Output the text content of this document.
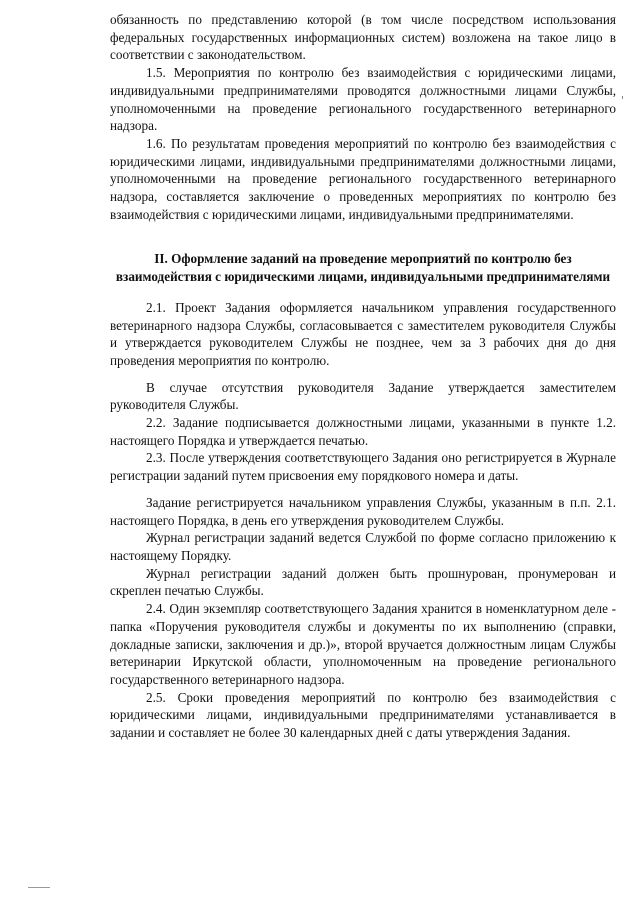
обязанность по представлению которой (в том числе посредством использования федеральных государственных информационных систем) возложена на такое лицо в соответствии с законодательством.

1.5. Мероприятия по контролю без взаимодействия с юридическими лицами, индивидуальными предпринимателями проводятся должностными лицами Службы, уполномоченными на проведение регионального государственного ветеринарного надзора.

1.6. По результатам проведения мероприятий по контролю без взаимодействия с юридическими лицами, индивидуальными предпринимателями должностными лицами, уполномоченными на проведение регионального государственного ветеринарного надзора, составляется заключение о проведенных мероприятиях по контролю без взаимодействия с юридическими лицами, индивидуальными предпринимателями.

II. Оформление заданий на проведение мероприятий по контролю без взаимодействия с юридическими лицами, индивидуальными предпринимателями

2.1. Проект Задания оформляется начальником управления государственного ветеринарного надзора Службы, согласовывается с заместителем руководителя Службы и утверждается руководителем Службы не позднее, чем за 3 рабочих дня до дня проведения мероприятия по контролю.

В случае отсутствия руководителя Задание утверждается заместителем руководителя Службы.

2.2. Задание подписывается должностными лицами, указанными в пункте 1.2. настоящего Порядка и утверждается печатью.

2.3. После утверждения соответствующего Задания оно регистрируется в Журнале регистрации заданий путем присвоения ему порядкового номера и даты.

Задание регистрируется начальником управления Службы, указанным в п.п. 2.1. настоящего Порядка, в день его утверждения руководителем Службы.

Журнал регистрации заданий ведется Службой по форме согласно приложению к настоящему Порядку.

Журнал регистрации заданий должен быть прошнурован, пронумерован и скреплен печатью Службы.

2.4. Один экземпляр соответствующего Задания хранится в номенклатурном деле - папка «Поручения руководителя службы и документы по их выполнению (справки, докладные записки, заключения и др.)», второй вручается должностным лицам Службы ветеринарии Иркутской области, уполномоченным на проведение регионального государственного ветеринарного надзора.

2.5. Сроки проведения мероприятий по контролю без взаимодействия с юридическими лицами, индивидуальными предпринимателями устанавливается в задании и составляет не более 30 календарных дней с даты утверждения Задания.
